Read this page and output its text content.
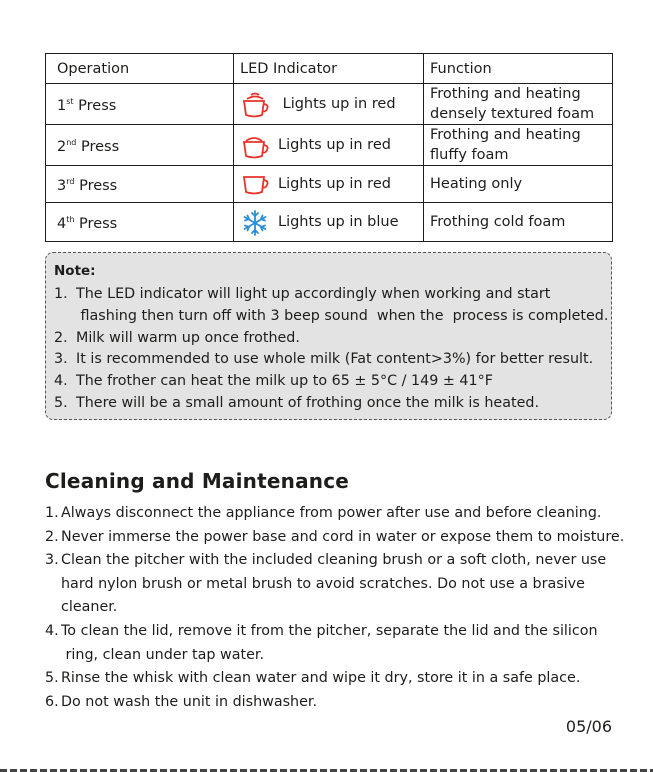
Operation	LED Indicator	Function
1st Press	Lights up in red	Frothing and heating
densely textured foam

2nd Press	Lights up in red	Frothing and heating
fluffy foam

3rd Press	Lights up in red	Heating only

4th Press	Lights up in blue	Frothing cold foam
Note:
1. The LED indicator will light up accordingly when working and start
flashing then turn off with 3 beep sound  when the  process is completed.
2. Milk will warm up once frothed.
3. It is recommended to use whole milk (Fat content>3%) for better result.
4. The frother can heat the milk up to 65 ± 5°C / 149 ± 41°F
5. There will be a small amount of frothing once the milk is heated.
Cleaning and Maintenance
1. Always disconnect the appliance from power after use and before cleaning.
2. Never immerse the power base and cord in water or expose them to moisture.
3. Clean the pitcher with the included cleaning brush or a soft cloth, never use
hard nylon brush or metal brush to avoid scratches. Do not use a brasive
cleaner.
4. To clean the lid, remove it from the pitcher, separate the lid and the silicon
ring, clean under tap water.
5. Rinse the whisk with clean water and wipe it dry, store it in a safe place.
6. Do not wash the unit in dishwasher.
05/06
